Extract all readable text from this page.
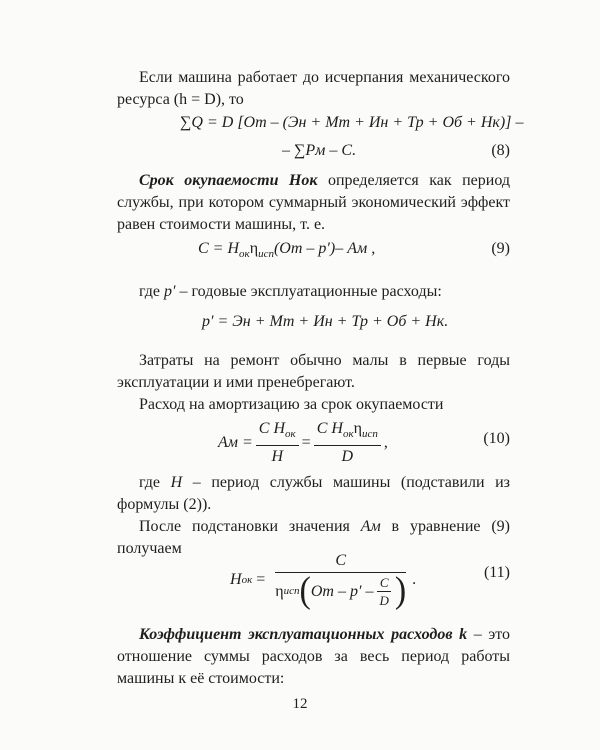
Если машина работает до исчерпания механического ресурса (h = D), то
∑Q = D [От – (Эн + Мт + Ин + Тр + Об + Нк)] –
– ∑Рм – C.	(8)
Срок окупаемости Hок определяется как период службы, при котором суммарный экономический эффект равен стоимости машины, т. е.
$C = H_{ок}\eta_{исп}(От - p')-$ Ам ,	(9)
где p′ – годовые эксплуатационные расходы:
p′ = Эн + Мт + Ин + Тр + Об + Нк.
Затраты на ремонт обычно малы в первые годы эксплуатации и ими пренебрегают.
Расход на амортизацию за срок окупаемости
Ам = $\frac{C H_{ок}}{H} = \frac{C H_{ок}\eta_{исп}}{D}$ ,	(10)
где H – период службы машины (подставили из формулы (2)).
После подстановки значения Ам в уравнение (9) получаем
H ок =
C
η исп ( От – $p' - \frac{C}{D}$ ) .	(11)
Коэффициент эксплуатационных расходов k – это отношение суммы расходов за весь период работы машины к её стоимости:
12
